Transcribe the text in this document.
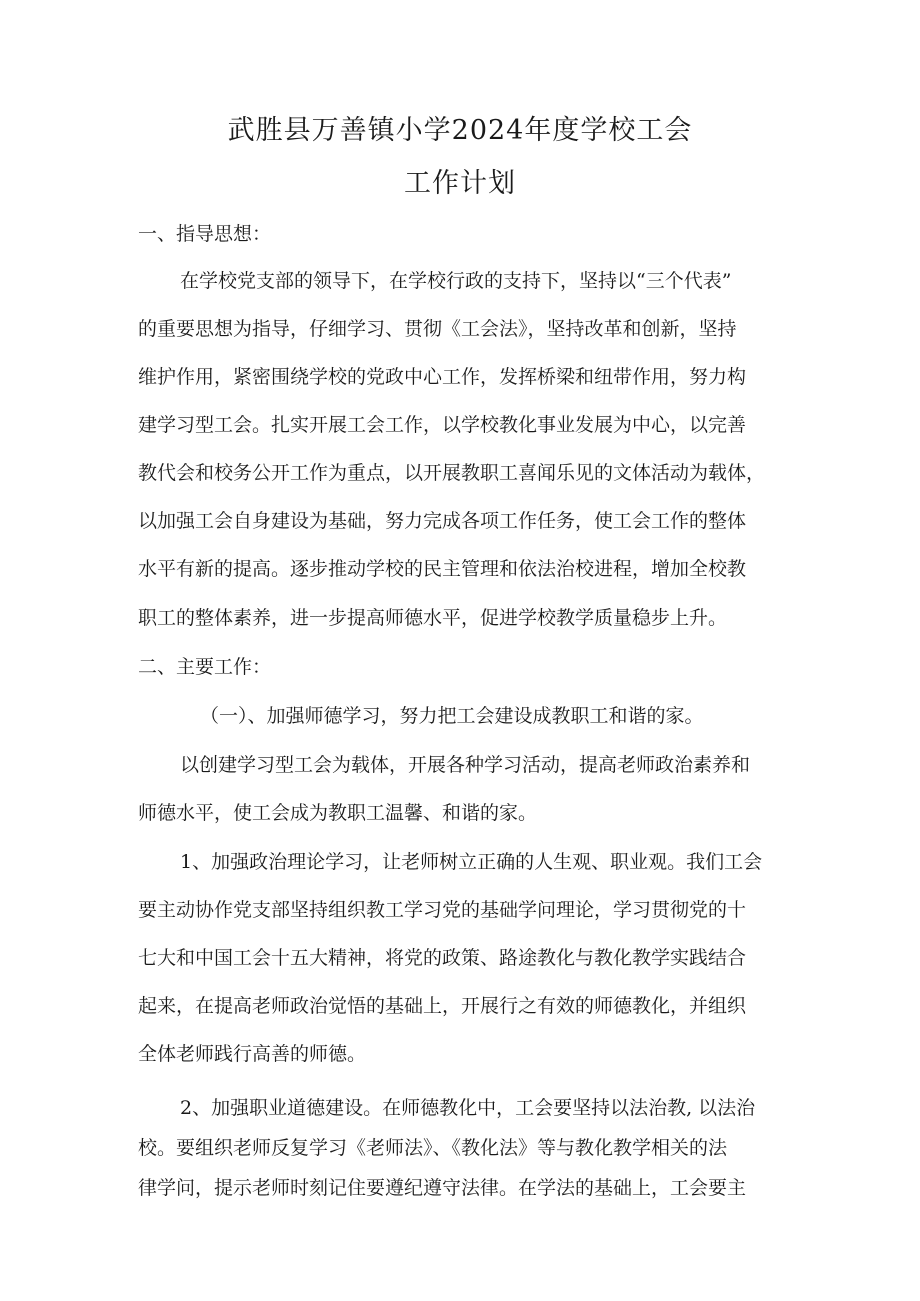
武胜县万善镇小学2024年度学校工会
工作计划
一、指导思想：
在学校党支部的领导下，在学校行政的支持下，坚持以“三个代表”
的重要思想为指导，仔细学习、贯彻《工会法》，坚持改革和创新，坚持
维护作用，紧密围绕学校的党政中心工作，发挥桥梁和纽带作用，努力构
建学习型工会。扎实开展工会工作，以学校教化事业发展为中心，以完善
教代会和校务公开工作为重点，以开展教职工喜闻乐见的文体活动为载体，
以加强工会自身建设为基础，努力完成各项工作任务，使工会工作的整体
水平有新的提高。逐步推动学校的民主管理和依法治校进程，增加全校教
职工的整体素养，进一步提高师德水平，促进学校教学质量稳步上升。
二、主要工作：
（一）、加强师德学习，努力把工会建设成教职工和谐的家。
以创建学习型工会为载体，开展各种学习活动，提高老师政治素养和
师德水平，使工会成为教职工温馨、和谐的家。
1、加强政治理论学习，让老师树立正确的人生观、职业观。我们工会
要主动协作党支部坚持组织教工学习党的基础学问理论，学习贯彻党的十
七大和中国工会十五大精神，将党的政策、路途教化与教化教学实践结合
起来，在提高老师政治觉悟的基础上，开展行之有效的师德教化，并组织
全体老师践行高善的师德。
2、加强职业道德建设。在师德教化中，工会要坚持以法治教, 以法治
校。要组织老师反复学习《老师法》、《教化法》等与教化教学相关的法
律学问，提示老师时刻记住要遵纪遵守法律。在学法的基础上，工会要主
